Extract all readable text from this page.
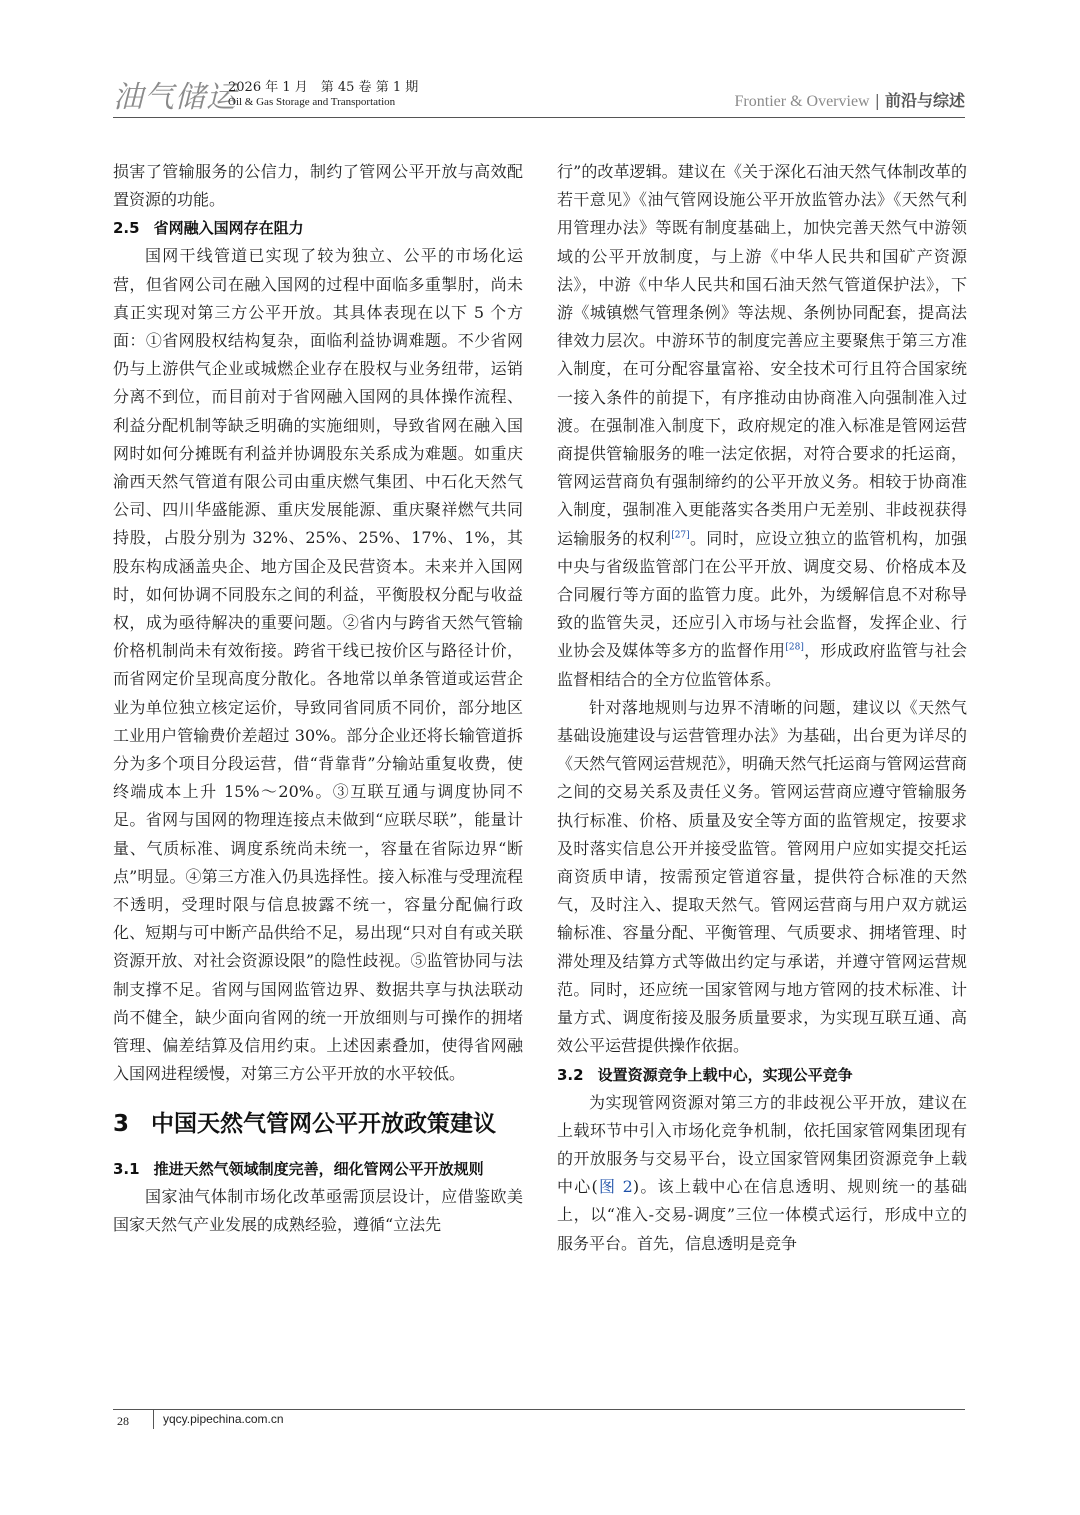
油气储运
2026 年 1 月　第 45 卷 第 1 期
Oil & Gas Storage and Transportation	Frontier & Overview | 前沿与综述

损害了管输服务的公信力，制约了管网公平开放与高效配置资源的功能。

2.5 省网融入国网存在阻力

国网干线管道已实现了较为独立、公平的市场化运营，但省网公司在融入国网的过程中面临多重掣肘，尚未真正实现对第三方公平开放。其具体表现在以下 5 个方面：①省网股权结构复杂，面临利益协调难题。不少省网仍与上游供气企业或城燃企业存在股权与业务纽带，运销分离不到位，而目前对于省网融入国网的具体操作流程、利益分配机制等缺乏明确的实施细则，导致省网在融入国网时如何分摊既有利益并协调股东关系成为难题。如重庆渝西天然气管道有限公司由重庆燃气集团、中石化天然气公司、四川华盛能源、重庆发展能源、重庆聚祥燃气共同持股，占股分别为 32%、25%、25%、17%、1%，其股东构成涵盖央企、地方国企及民营资本。未来并入国网时，如何协调不同股东之间的利益，平衡股权分配与收益权，成为亟待解决的重要问题。②省内与跨省天然气管输价格机制尚未有效衔接。跨省干线已按价区与路径计价，而省网定价呈现高度分散化。各地常以单条管道或运营企业为单位独立核定运价，导致同省同质不同价，部分地区工业用户管输费价差超过 30%。部分企业还将长输管道拆分为多个项目分段运营，借“背靠背”分输站重复收费，使终端成本上升 15%～20%。③互联互通与调度协同不足。省网与国网的物理连接点未做到“应联尽联”，能量计量、气质标准、调度系统尚未统一，容量在省际边界“断点”明显。④第三方准入仍具选择性。接入标准与受理流程不透明，受理时限与信息披露不统一，容量分配偏行政化、短期与可中断产品供给不足，易出现“只对自有或关联资源开放、对社会资源设限”的隐性歧视。⑤监管协同与法制支撑不足。省网与国网监管边界、数据共享与执法联动尚不健全，缺少面向省网的统一开放细则与可操作的拥堵管理、偏差结算及信用约束。上述因素叠加，使得省网融入国网进程缓慢，对第三方公平开放的水平较低。

3 中国天然气管网公平开放政策建议
3.1 推进天然气领域制度完善，细化管网公平开放规则

国家油气体制市场化改革亟需顶层设计，应借鉴欧美国家天然气产业发展的成熟经验，遵循“立法先

行”的改革逻辑。建议在《关于深化石油天然气体制改革的若干意见》《油气管网设施公平开放监管办法》《天然气利用管理办法》等既有制度基础上，加快完善天然气中游领域的公平开放制度，与上游《中华人民共和国矿产资源法》，中游《中华人民共和国石油天然气管道保护法》，下游《城镇燃气管理条例》等法规、条例协同配套，提高法律效力层次。中游环节的制度完善应主要聚焦于第三方准入制度，在可分配容量富裕、安全技术可行且符合国家统一接入条件的前提下，有序推动由协商准入向强制准入过渡。在强制准入制度下，政府规定的准入标准是管网运营商提供管输服务的唯一法定依据，对符合要求的托运商，管网运营商负有强制缔约的公平开放义务。相较于协商准入制度，强制准入更能落实各类用户无差别、非歧视获得运输服务的权利[27]。同时，应设立独立的监管机构，加强中央与省级监管部门在公平开放、调度交易、价格成本及合同履行等方面的监管力度。此外，为缓解信息不对称导致的监管失灵，还应引入市场与社会监督，发挥企业、行业协会及媒体等多方的监督作用[28]，形成政府监管与社会监督相结合的全方位监管体系。

针对落地规则与边界不清晰的问题，建议以《天然气基础设施建设与运营管理办法》为基础，出台更为详尽的《天然气管网运营规范》，明确天然气托运商与管网运营商之间的交易关系及责任义务。管网运营商应遵守管输服务执行标准、价格、质量及安全等方面的监管规定，按要求及时落实信息公开并接受监管。管网用户应如实提交托运商资质申请，按需预定管道容量，提供符合标准的天然气，及时注入、提取天然气。管网运营商与用户双方就运输标准、容量分配、平衡管理、气质要求、拥堵管理、时滞处理及结算方式等做出约定与承诺，并遵守管网运营规范。同时，还应统一国家管网与地方管网的技术标准、计量方式、调度衔接及服务质量要求，为实现互联互通、高效公平运营提供操作依据。

3.2 设置资源竞争上载中心，实现公平竞争

为实现管网资源对第三方的非歧视公平开放，建议在上载环节中引入市场化竞争机制，依托国家管网集团现有的开放服务与交易平台，设立国家管网集团资源竞争上载中心(图 2)。该上载中心在信息透明、规则统一的基础上，以“准入-交易-调度”三位一体模式运行，形成中立的服务平台。首先，信息透明是竞争

28	yqcy.pipechina.com.cn
